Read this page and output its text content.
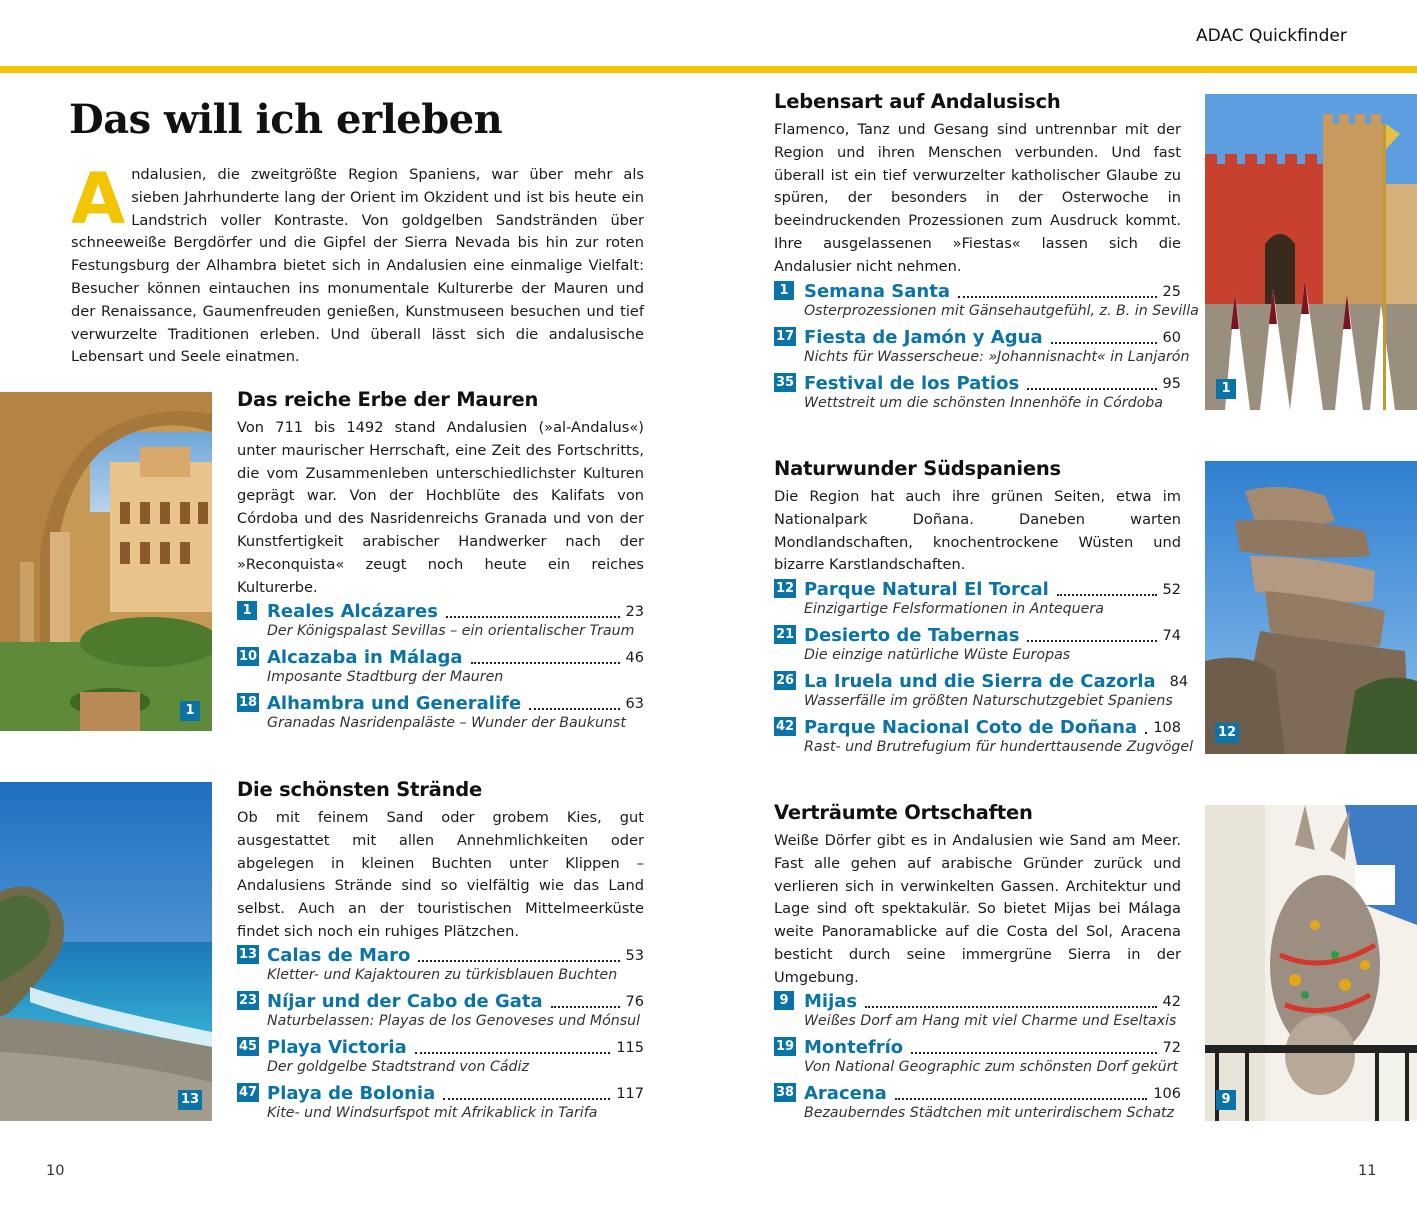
ADAC Quickfinder
Das will ich erleben
Andalusien, die zweitgrößte Region Spaniens, war über mehr als sieben Jahrhunderte lang der Orient im Okzident und ist bis heute ein Landstrich voller Kontraste. Von goldgelben Sandstränden über schneeweiße Bergdörfer und die Gipfel der Sierra Nevada bis hin zur roten Festungsburg der Alhambra bietet sich in Andalusien eine einmalige Vielfalt: Besucher können eintauchen ins monumentale Kulturerbe der Mauren und der Renaissance, Gaumenfreuden genießen, Kunstmuseen besuchen und tief verwurzelte Traditionen erleben. Und überall lässt sich die andalusische Lebensart und Seele einatmen.
1
Das reiche Erbe der Mauren

Von 711 bis 1492 stand Andalusien (»al-Andalus«) unter maurischer Herrschaft, eine Zeit des Fortschritts, die vom Zusammenleben unterschiedlichster Kulturen geprägt war. Von der Hochblüte des Kalifats von Córdoba und des Nasridenreichs Granada und von der Kunstfertigkeit arabischer Handwerker nach der »Reconquista« zeugt noch heute ein reiches Kulturerbe.

1 Reales Alcázares	23
Der Königspalast Sevillas – ein orientalischer Traum
10 Alcazaba in Málaga	46
Imposante Stadtburg der Mauren
18 Alhambra und Generalife	63
Granadas Nasridenpaläste – Wunder der Baukunst
13
Die schönsten Strände

Ob mit feinem Sand oder grobem Kies, gut ausgestattet mit allen Annehmlichkeiten oder abgelegen in kleinen Buchten unter Klippen – Andalusiens Strände sind so vielfältig wie das Land selbst. Auch an der touristischen Mittelmeerküste findet sich noch ein ruhiges Plätzchen.

13 Calas de Maro	53
Kletter- und Kajaktouren zu türkisblauen Buchten
23 Níjar und der Cabo de Gata	76
Naturbelassen: Playas de los Genoveses und Mónsul
45 Playa Victoria	115
Der goldgelbe Stadtstrand von Cádiz
47 Playa de Bolonia	117
Kite- und Windsurfspot mit Afrikablick in Tarifa
10
Lebensart auf Andalusisch

Flamenco, Tanz und Gesang sind untrennbar mit der Region und ihren Menschen verbunden. Und fast überall ist ein tief verwurzelter katholischer Glaube zu spüren, der besonders in der Osterwoche in beeindruckenden Prozessionen zum Ausdruck kommt. Ihre ausgelassenen »Fiestas« lassen sich die Andalusier nicht nehmen.

1 Semana Santa	25
Osterprozessionen mit Gänsehautgefühl, z. B. in Sevilla
17 Fiesta de Jamón y Agua	60
Nichts für Wasserscheue: »Johannisnacht« in Lanjarón
35 Festival de los Patios	95
Wettstreit um die schönsten Innenhöfe in Córdoba
1
Naturwunder Südspaniens

Die Region hat auch ihre grünen Seiten, etwa im Nationalpark Doñana. Daneben warten Mondlandschaften, knochentrockene Wüsten und bizarre Karstlandschaften.

12 Parque Natural El Torcal	52
Einzigartige Felsformationen in Antequera
21 Desierto de Tabernas	74
Die einzige natürliche Wüste Europas
26 La Iruela und die Sierra de Cazorla 84
Wasserfälle im größten Naturschutzgebiet Spaniens
42 Parque Nacional Coto de Doñana 108
Rast- und Brutrefugium für hunderttausende Zugvögel
12
Verträumte Ortschaften

Weiße Dörfer gibt es in Andalusien wie Sand am Meer. Fast alle gehen auf arabische Gründer zurück und verlieren sich in verwinkelten Gassen. Architektur und Lage sind oft spektakulär. So bietet Mijas bei Málaga weite Panoramablicke auf die Costa del Sol, Aracena besticht durch seine immergrüne Sierra in der Umgebung.

9 Mijas	42
Weißes Dorf am Hang mit viel Charme und Eseltaxis
19 Montefrío	72
Von National Geographic zum schönsten Dorf gekürt
38 Aracena	106
Bezauberndes Städtchen mit unterirdischem Schatz
9
11
